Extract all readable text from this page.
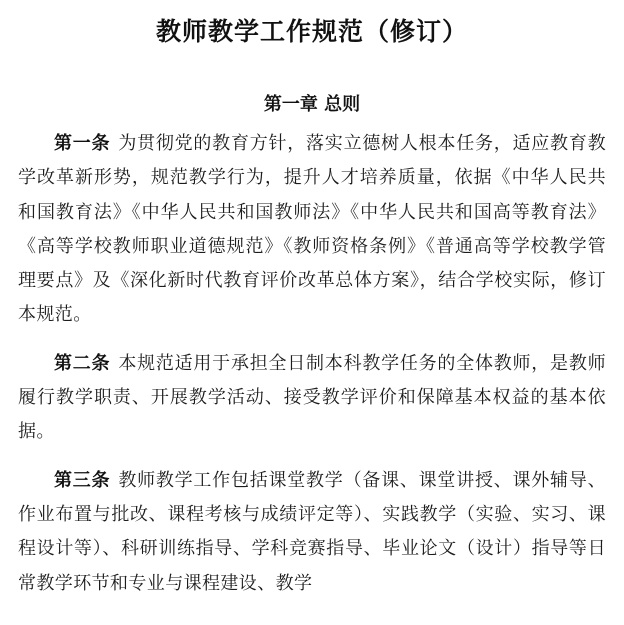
教师教学工作规范（修订）
第一章 总则

第一条 为贯彻党的教育方针，落实立德树人根本任务，适应教育教学改革新形势，规范教学行为，提升人才培养质量，依据《中华人民共和国教育法》《中华人民共和国教师法》《中华人民共和国高等教育法》《高等学校教师职业道德规范》《教师资格条例》《普通高等学校教学管理要点》及《深化新时代教育评价改革总体方案》，结合学校实际，修订本规范。

第二条 本规范适用于承担全日制本科教学任务的全体教师，是教师履行教学职责、开展教学活动、接受教学评价和保障基本权益的基本依据。

第三条 教师教学工作包括课堂教学（备课、课堂讲授、课外辅导、作业布置与批改、课程考核与成绩评定等）、实践教学（实验、实习、课程设计等）、科研训练指导、学科竞赛指导、毕业论文（设计）指导等日常教学环节和专业与课程建设、教学
